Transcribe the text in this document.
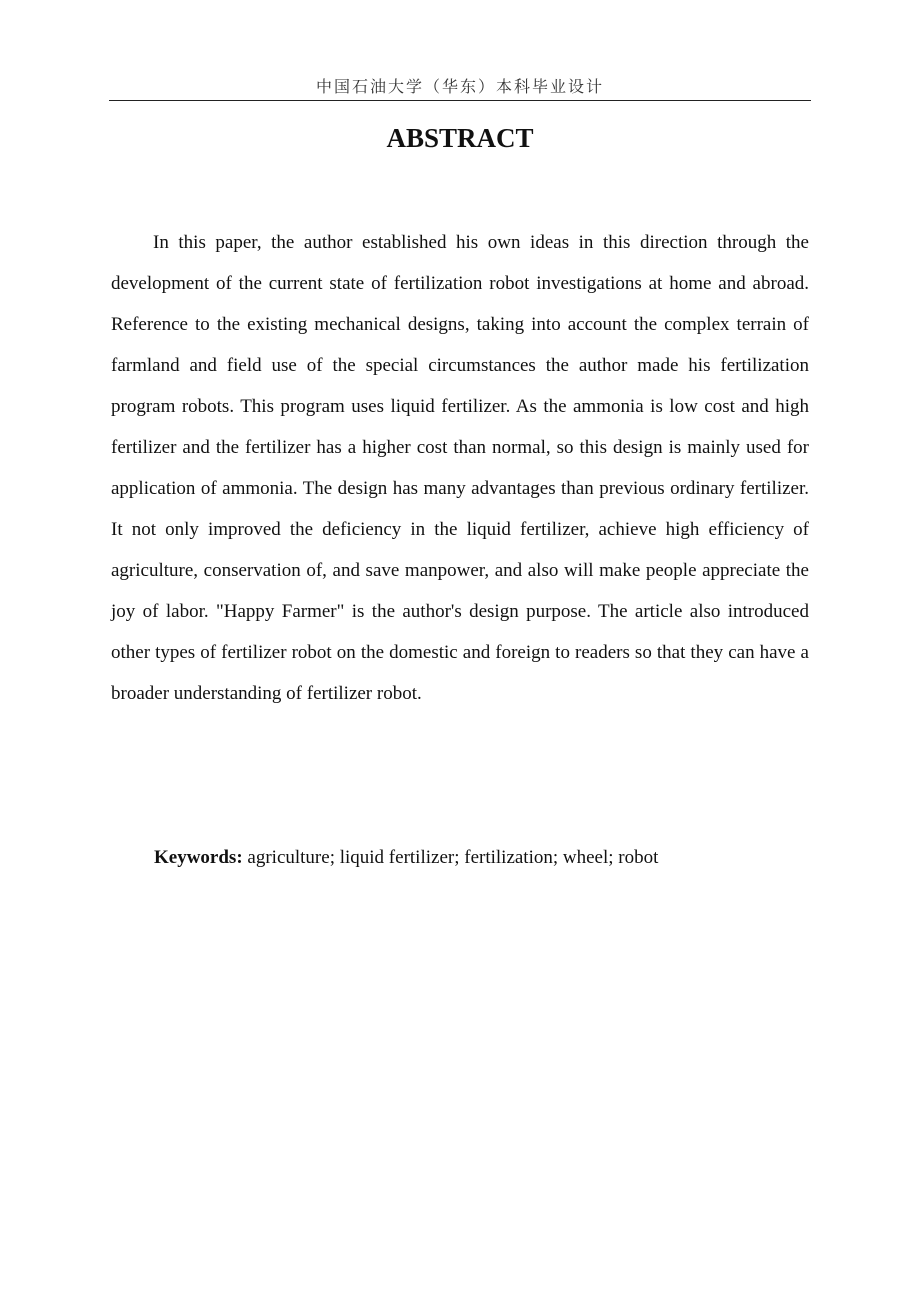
中国石油大学（华东）本科毕业设计
ABSTRACT

In this paper, the author established his own ideas in this direction through the development of the current state of fertilization robot investigations at home and abroad. Reference to the existing mechanical designs, taking into account the complex terrain of farmland and field use of the special circumstances the author made his fertilization program robots. This program uses liquid fertilizer. As the ammonia is low cost and high fertilizer and the fertilizer has a higher cost than normal, so this design is mainly used for application of ammonia. The design has many advantages than previous ordinary fertilizer. It not only improved the deficiency in the liquid fertilizer, achieve high efficiency of agriculture, conservation of, and save manpower, and also will make people appreciate the joy of labor. "Happy Farmer" is the author's design purpose. The article also introduced other types of fertilizer robot on the domestic and foreign to readers so that they can have a broader understanding of fertilizer robot.

Keywords: agriculture; liquid fertilizer; fertilization; wheel; robot
